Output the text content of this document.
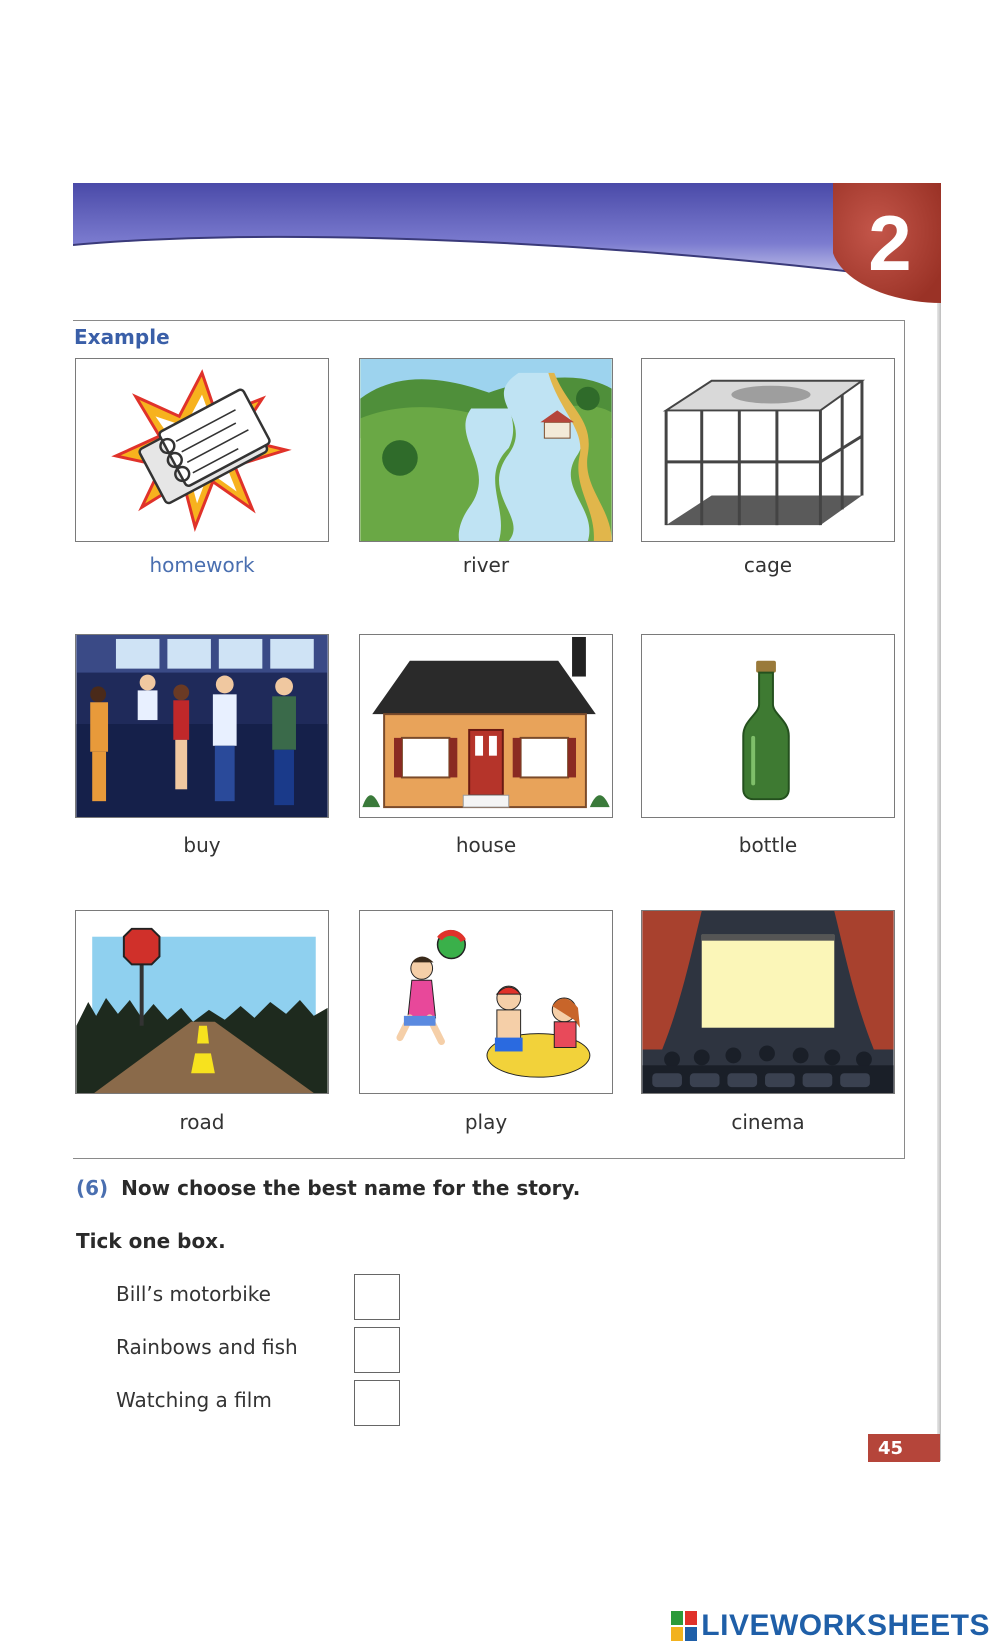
2
Example
homework	river	cage
buy	house	bottle
road	play	cinema
(6) Now choose the best name for the story.
Tick one box.
Bill’s motorbike
Rainbows and fish
Watching a film
45
LIVEWORKSHEETS
